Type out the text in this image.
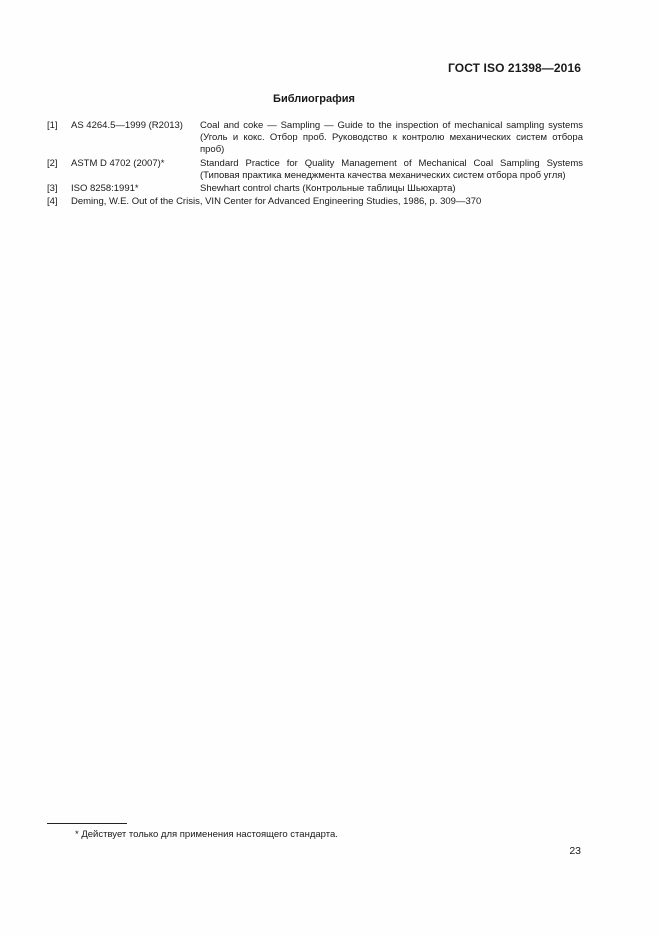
ГОСТ ISO 21398—2016
Библиография
[1]	AS 4264.5—1999 (R2013)	Coal and coke — Sampling — Guide to the inspection of mechanical sampling systems (Уголь и кокс. Отбор проб. Руководство к контролю механических систем отбора проб)
[2]	ASTM D 4702 (2007)*	Standard Practice for Quality Management of Mechanical Coal Sampling Systems (Типовая практика менеджмента качества механических систем отбора проб угля)
[3]	ISO 8258:1991*	Shewhart control charts (Контрольные таблицы Шьюхарта)
[4]	Deming, W.E. Out of the Crisis, VIN Center for Advanced Engineering Studies, 1986, p. 309—370
* Действует только для применения настоящего стандарта.
23
